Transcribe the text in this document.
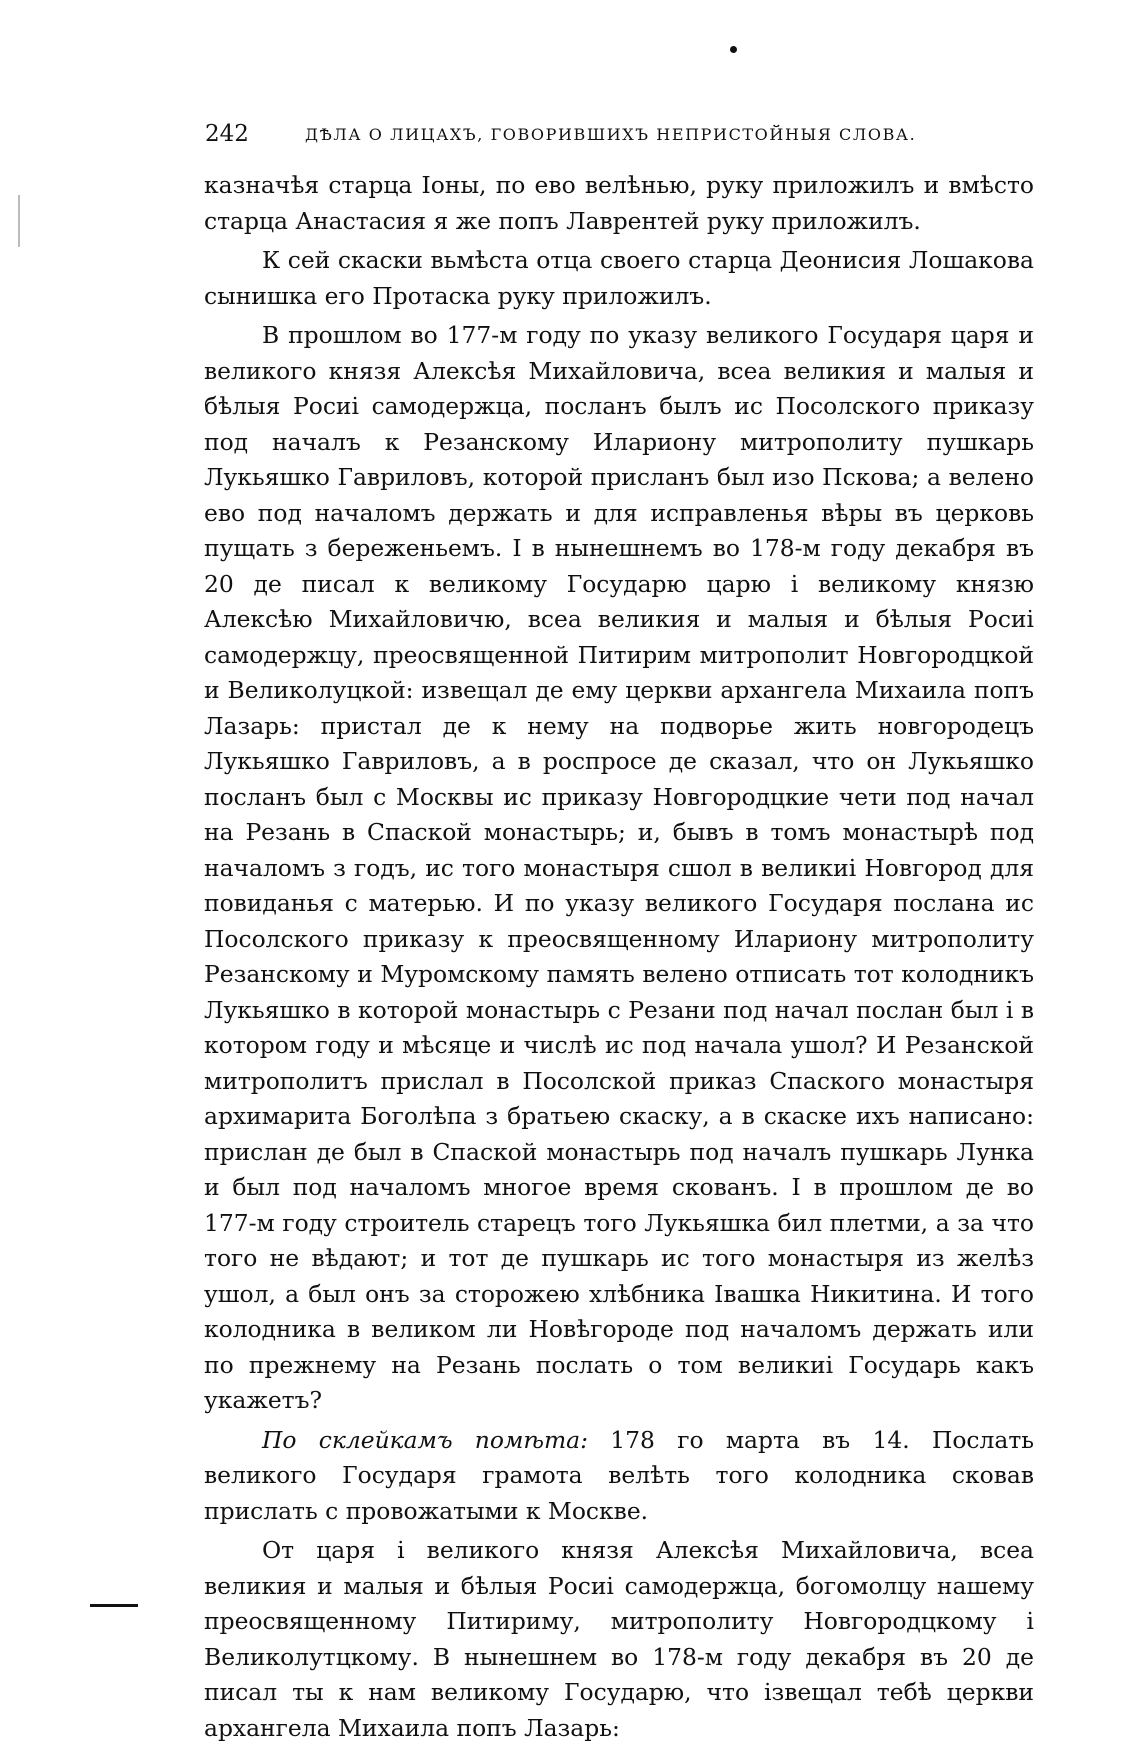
242	ДѢЛА О ЛИЦАХЪ, ГОВОРИВШИХЪ НЕПРИСТОЙНЫЯ СЛОВА.

казначѣя старца Іоны, по ево велѣнью, руку приложилъ и вмѣсто старца Анастасия я же попъ Лаврентей руку приложилъ.

К сей скаски вьмѣста отца своего старца Деонисия Лошакова сынишка его Протаска руку приложилъ.

В прошлом во 177-м году по указу великого Государя царя и великого князя Алексѣя Михайловича, всеа великия и малыя и бѣлыя Росиі самодержца, посланъ былъ ис Посолского приказу под началъ к Резанскому Илариону митрополиту пушкарь Лукьяшко Гавриловъ, которой присланъ был изо Пскова; а велено ево под началомъ держать и для исправленья вѣры въ церковь пущать з береженьемъ. I в нынешнемъ во 178-м году декабря въ 20 де писал к великому Государю царю і великому князю Алексѣю Михайловичю, всеа великия и малыя и бѣлыя Росиі самодержцу, преосвященной Питирим митрополит Новгородцкой и Великолуцкой: извещал де ему церкви архангела Михаила попъ Лазарь: пристал де к нему на подворье жить новгородецъ Лукьяшко Гавриловъ, а в роспросе де сказал, что он Лукьяшко посланъ был с Москвы ис приказу Новгородцкие чети под начал на Резань в Спаской монастырь; и, бывъ в томъ монастырѣ под началомъ з годъ, ис того монастыря сшол в великиі Новгород для повиданья с матерью. И по указу великого Государя послана ис Посолского приказу к преосвященному Илариону митрополиту Резанскому и Муромскому память велено отписать тот колодникъ Лукьяшко в которой монастырь с Резани под начал послан был і в котором году и мѣсяце и числѣ ис под начала ушол? И Резанской митрополитъ прислал в Посолской приказ Спаского монастыря архимарита Боголѣпа з братьею скаску, а в скаске ихъ написано: прислан де был в Спаской монастырь под началъ пушкарь Лунка и был под началомъ многое время скованъ. I в прошлом де во 177-м году строитель старецъ того Лукьяшка бил плетми, а за что того не вѣдают; и тот де пушкарь ис того монастыря из желѣз ушол, а был онъ за сторожею хлѣбника Івашка Никитина. И того колодника в великом ли Новѣгороде под началомъ держать или по прежнему на Резань послать о том великиі Государь какъ укажетъ?

По склейкамъ помѣта: 178 го марта въ 14. Послать великого Государя грамота велѣть того колодника сковав прислать с провожатыми к Москве.

От царя і великого князя Алексѣя Михайловича, всеа великия и малыя и бѣлыя Росиі самодержца, богомолцу нашему преосвященному Питириму, митрополиту Новгородцкому і Великолутцкому. В нынешнем во 178-м году декабря въ 20 де писал ты к нам великому Государю, что ізвещал тебѣ церкви архангела Михаила попъ Лазарь:
